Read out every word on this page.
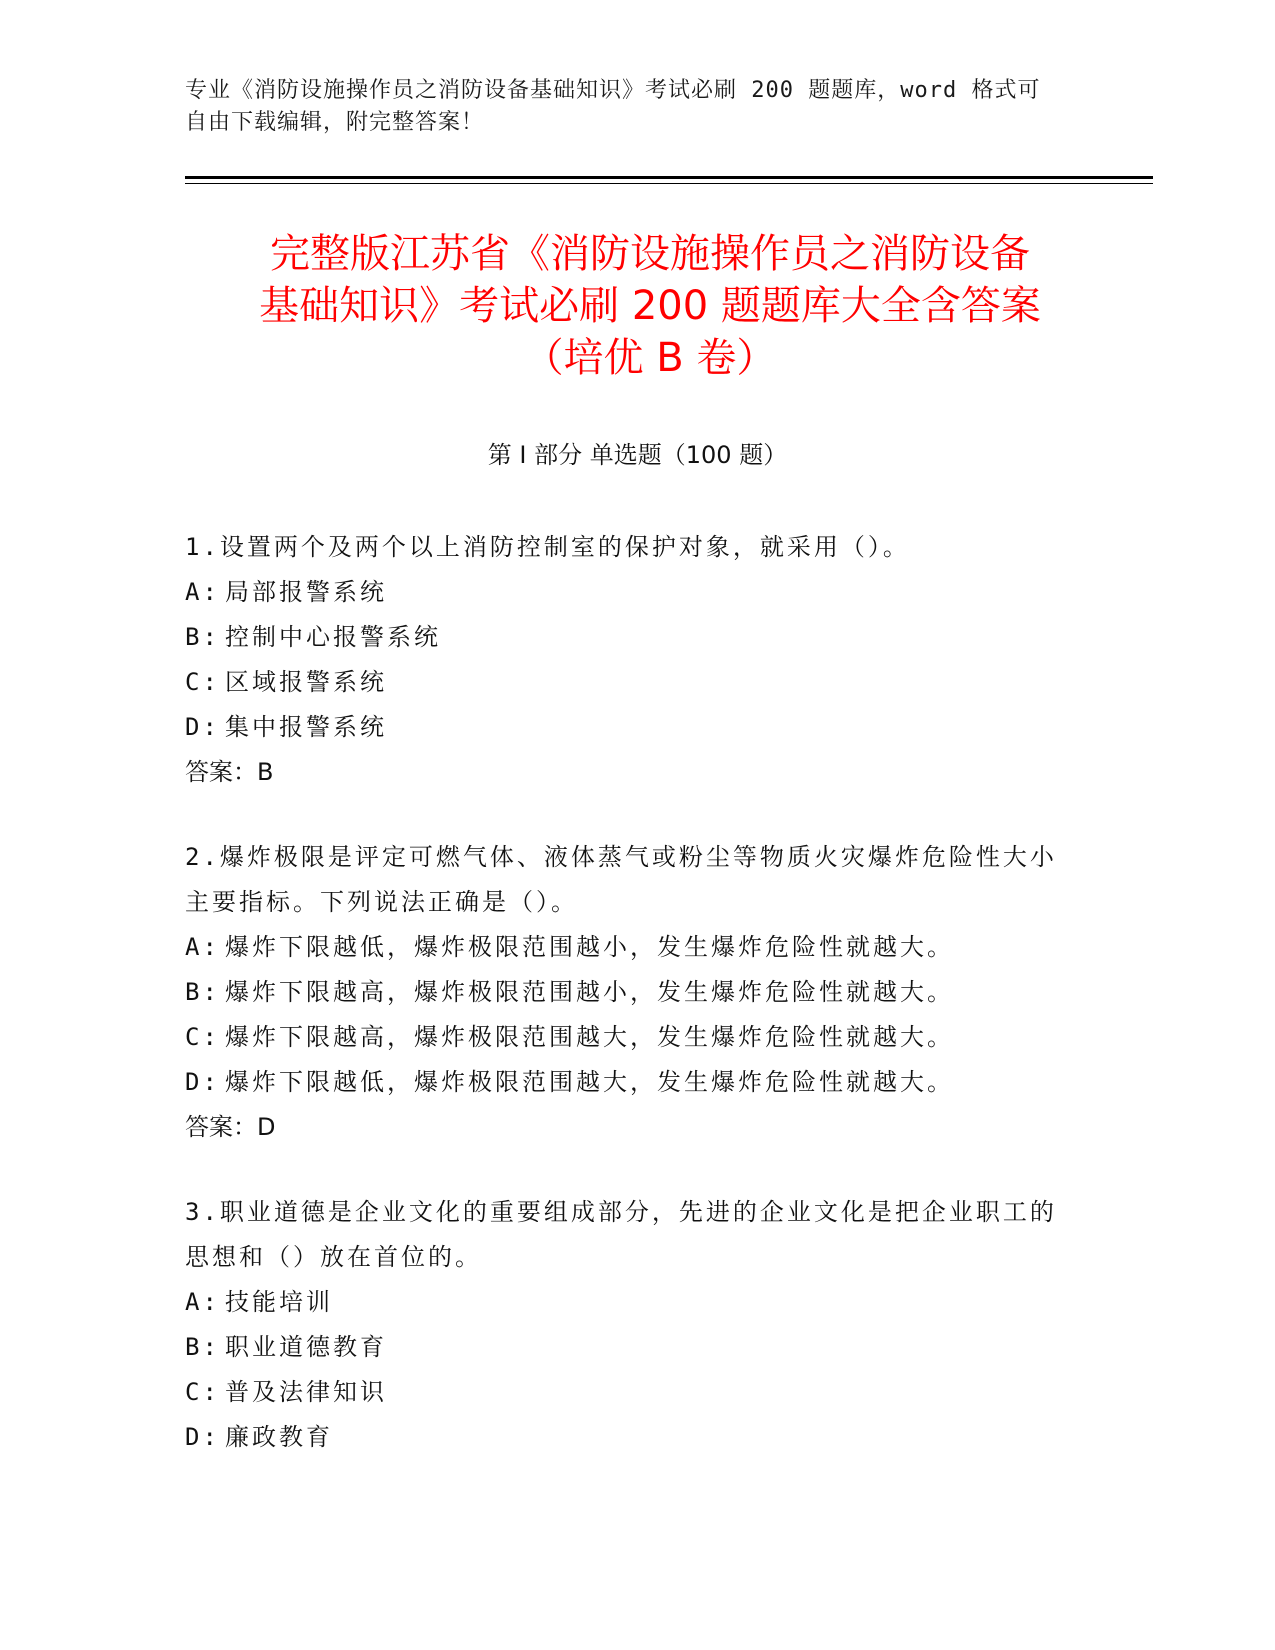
专业《消防设施操作员之消防设备基础知识》考试必刷 200 题题库，word 格式可
自由下载编辑，附完整答案！
完整版江苏省《消防设施操作员之消防设备
基础知识》考试必刷 200 题题库大全含答案
（培优 B 卷）
第 I 部分 单选题（100 题）

1.设置两个及两个以上消防控制室的保护对象，就采用（）。

A: 局部报警系统

B: 控制中心报警系统

C: 区域报警系统

D: 集中报警系统

答案：B

2.爆炸极限是评定可燃气体、液体蒸气或粉尘等物质火灾爆炸危险性大小主要指标。下列说法正确是（）。

A: 爆炸下限越低，爆炸极限范围越小，发生爆炸危险性就越大。

B: 爆炸下限越高，爆炸极限范围越小，发生爆炸危险性就越大。

C: 爆炸下限越高，爆炸极限范围越大，发生爆炸危险性就越大。

D: 爆炸下限越低，爆炸极限范围越大，发生爆炸危险性就越大。

答案：D

3.职业道德是企业文化的重要组成部分，先进的企业文化是把企业职工的思想和（）放在首位的。

A: 技能培训

B: 职业道德教育

C: 普及法律知识

D: 廉政教育
